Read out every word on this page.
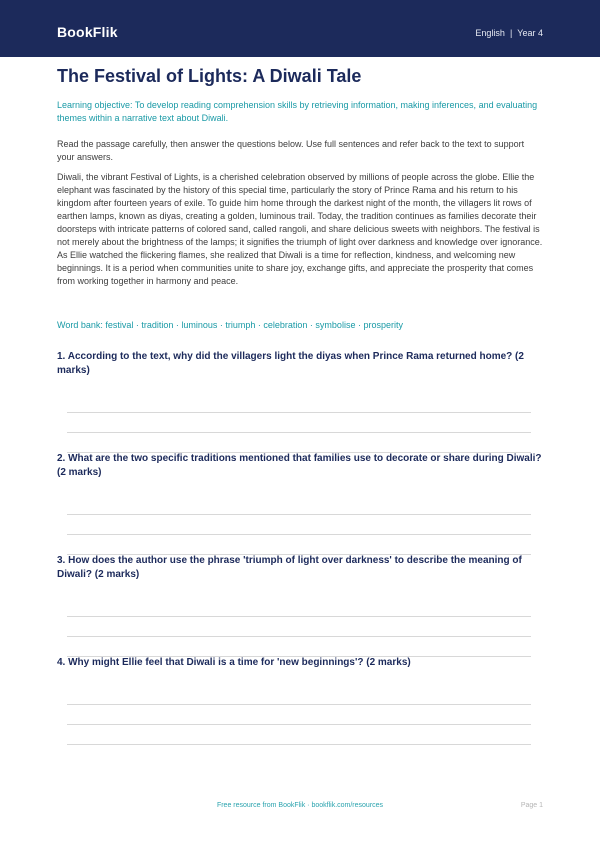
BookFlik	English | Year 4
The Festival of Lights: A Diwali Tale
Learning objective: To develop reading comprehension skills by retrieving information, making inferences, and evaluating themes within a narrative text about Diwali.
Read the passage carefully, then answer the questions below. Use full sentences and refer back to the text to support your answers.
Diwali, the vibrant Festival of Lights, is a cherished celebration observed by millions of people across the globe. Ellie the elephant was fascinated by the history of this special time, particularly the story of Prince Rama and his return to his kingdom after fourteen years of exile. To guide him home through the darkest night of the month, the villagers lit rows of earthen lamps, known as diyas, creating a golden, luminous trail. Today, the tradition continues as families decorate their doorsteps with intricate patterns of colored sand, called rangoli, and share delicious sweets with neighbors. The festival is not merely about the brightness of the lamps; it signifies the triumph of light over darkness and knowledge over ignorance. As Ellie watched the flickering flames, she realized that Diwali is a time for reflection, kindness, and welcoming new beginnings. It is a period when communities unite to share joy, exchange gifts, and appreciate the prosperity that comes from working together in harmony and peace.
Word bank: festival · tradition · luminous · triumph · celebration · symbolise · prosperity
1. According to the text, why did the villagers light the diyas when Prince Rama returned home? (2 marks)
2. What are the two specific traditions mentioned that families use to decorate or share during Diwali? (2 marks)
3. How does the author use the phrase 'triumph of light over darkness' to describe the meaning of Diwali? (2 marks)
4. Why might Ellie feel that Diwali is a time for 'new beginnings'? (2 marks)
Free resource from BookFlik · bookflik.com/resources	Page 1
